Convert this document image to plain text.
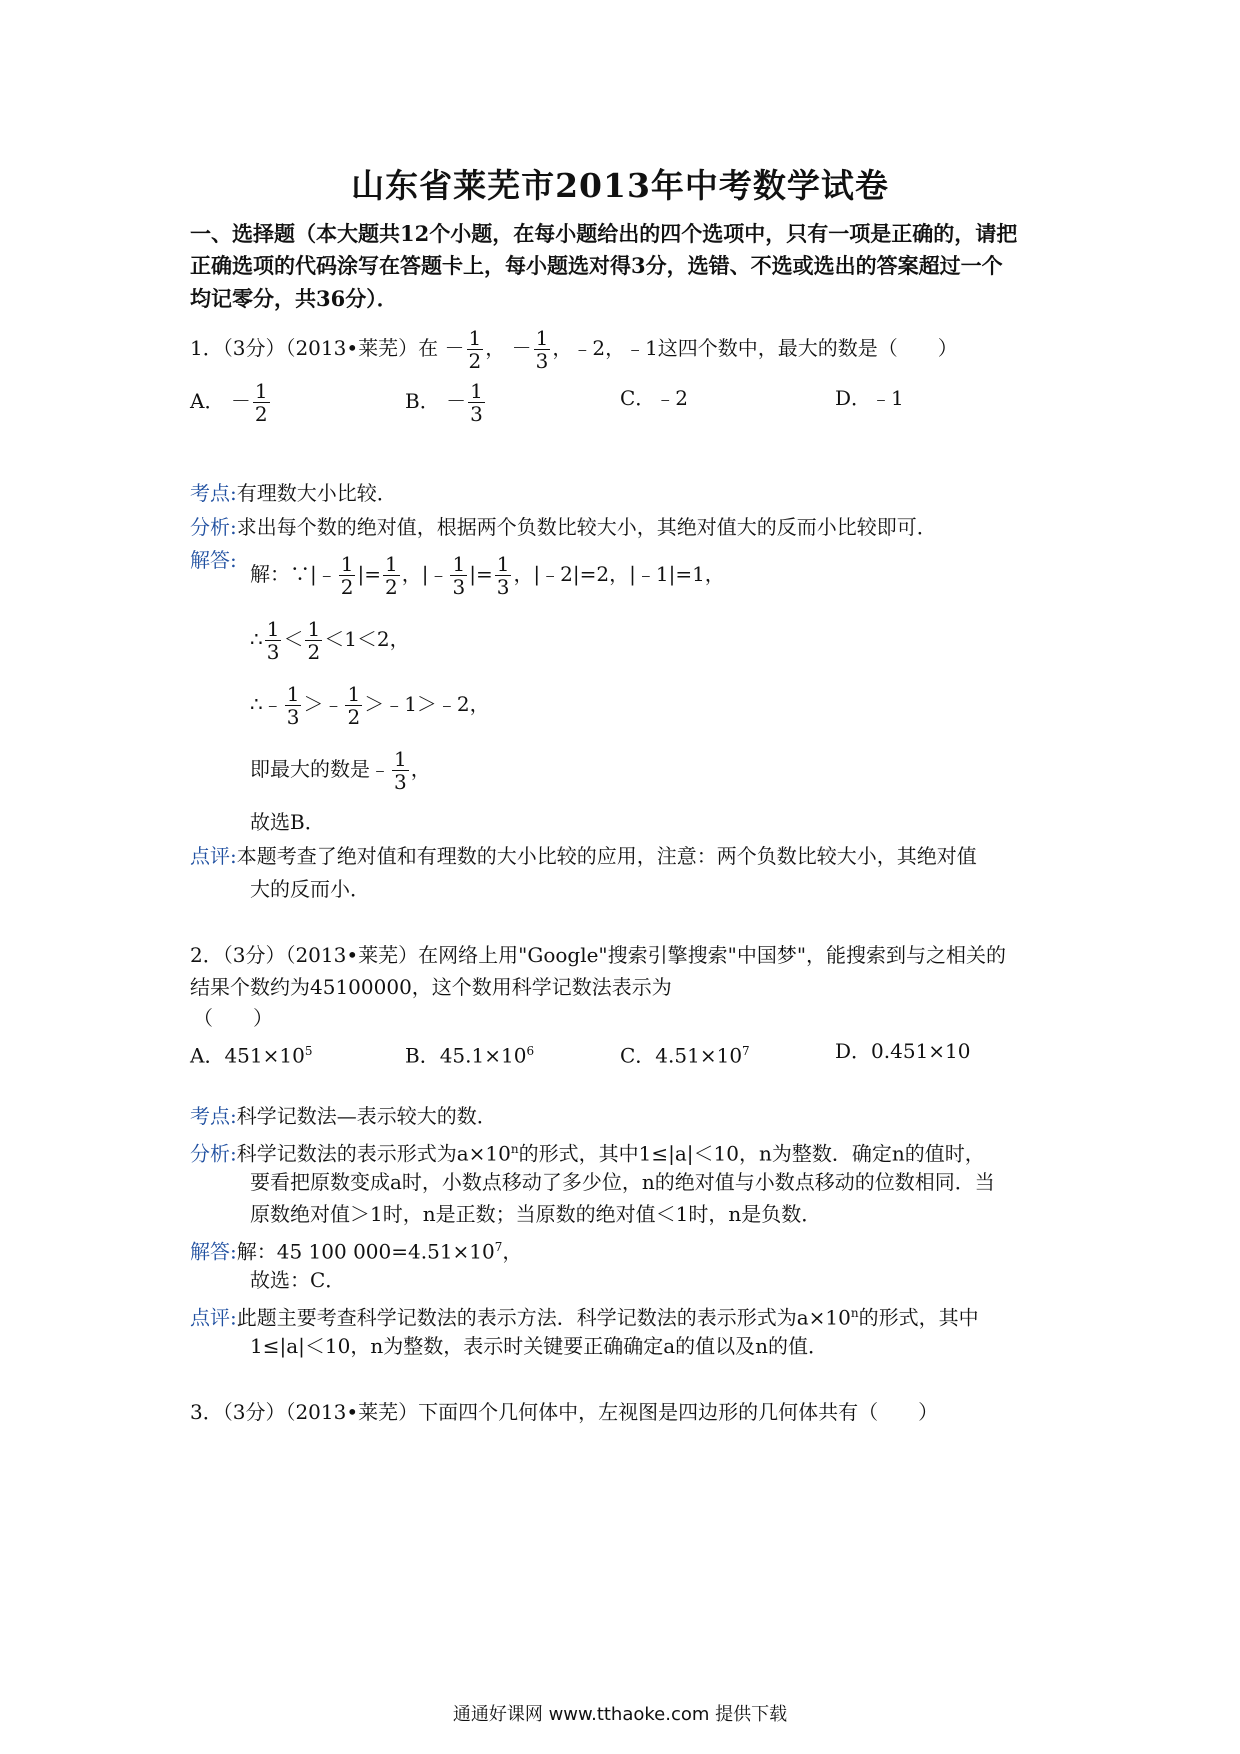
山东省莱芜市2013年中考数学试卷
一、选择题（本大题共12个小题，在每小题给出的四个选项中，只有一项是正确的，请把
正确选项的代码涂写在答题卡上，每小题选对得3分，选错、不选或选出的答案超过一个
均记零分，共36分）．
1．（3分）（2013•莱芜）在 － $\frac{1}{2}$ ， － $\frac{1}{3}$ ，﹣2，﹣1这四个数中，最大的数是（　　）
A． － $\frac{1}{2}$	B． － $\frac{1}{3}$	C．﹣2	D．﹣1
考点:有理数大小比较．
分析:求出每个数的绝对值，根据两个负数比较大小，其绝对值大的反而小比较即可．
解答:
解：∵|﹣ $\frac{1}{2}$ |= $\frac{1}{2}$ ，|﹣ $\frac{1}{3}$ |= $\frac{1}{3}$ ，|﹣2|=2，|﹣1|=1，
∴ $\frac{1}{3} < \frac{1}{2} <1<2$，
∴﹣ $\frac{1}{3}$ ＞﹣ $\frac{1}{2}$ ＞﹣1＞﹣2，
即最大的数是﹣ $\frac{1}{3}$ ，
故选B．
点评:本题考查了绝对值和有理数的大小比较的应用，注意：两个负数比较大小，其绝对值
大的反而小．
2．（3分）（2013•莱芜）在网络上用"Google"搜索引擎搜索"中国梦"，能搜索到与之相关的
结果个数约为45100000，这个数用科学记数法表示为
（　　）
A．$451\times 10^5$	B．$45.1\times 10^6$	C．$4.51\times 10^7$	D．0.451×10
考点:科学记数法—表示较大的数．
分析:科学记数法的表示形式为$a\times 10^n$的形式，其中1≤|a|＜10，n为整数．确定n的值时，
要看把原数变成a时，小数点移动了多少位，n的绝对值与小数点移动的位数相同．当
原数绝对值＞1时，n是正数；当原数的绝对值＜1时，n是负数．
解答:解：45 100 $000=4.51\times 10^7$，
故选：C．
点评:此题主要考查科学记数法的表示方法．科学记数法的表示形式为$a\times 10^n$的形式，其中
1≤|a|＜10，n为整数，表示时关键要正确确定a的值以及n的值．
3．（3分）（2013•莱芜）下面四个几何体中，左视图是四边形的几何体共有（　　）
通通好课网 www.tthaoke.com 提供下载
